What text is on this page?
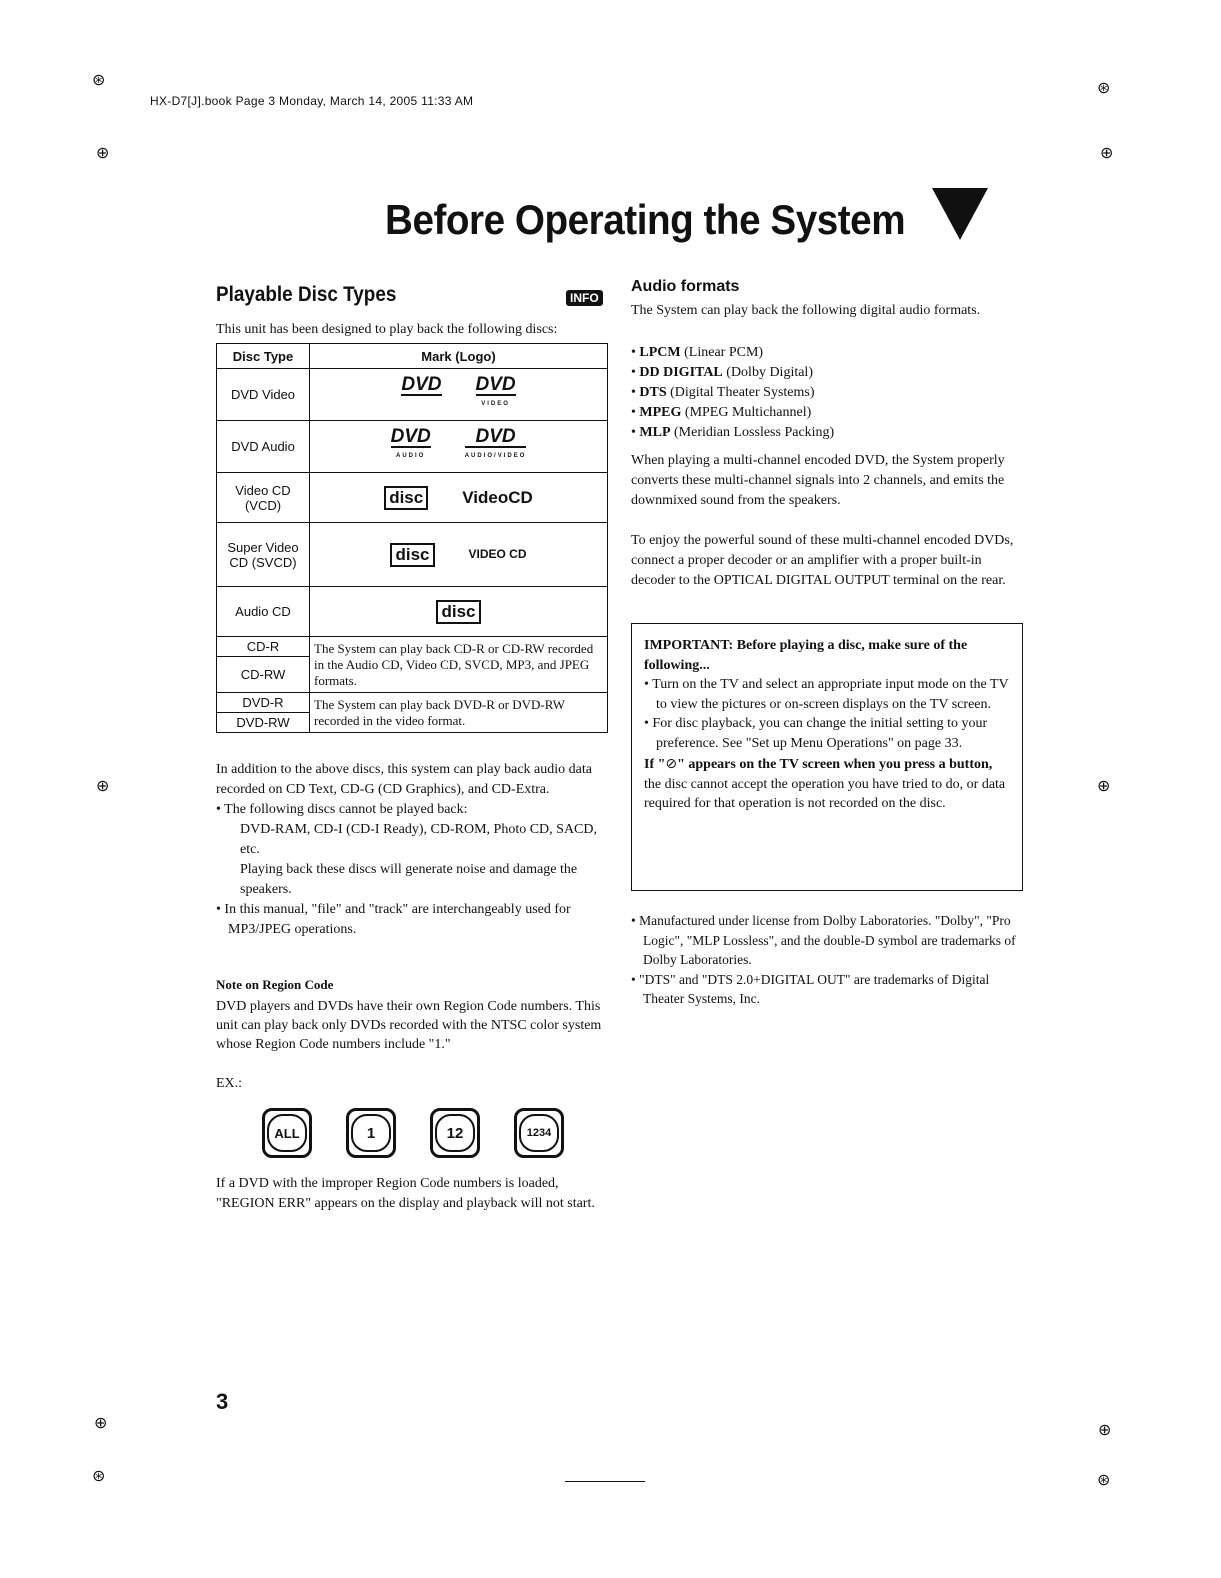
⊛
⊕
⊛
⊕
⊕	⊕
⊕
⊛
⊕
⊛
HX-D7[J].book Page 3 Monday, March 14, 2005 11:33 AM
Before Operating the System
Playable Disc Types	INFO
This unit has been designed to play back the following discs:
Disc Type	Mark (Logo)
DVD Video	DVD
DVD
VIDEO

DVD Audio	DVD
AUDIO
DVD
AUDIO/VIDEO

Video CD (VCD)	disc VideoCD

Super Video CD (SVCD)	disc VIDEO CD

Audio CD	disc

CD-R	The System can play back CD-R or CD-RW recorded in the Audio CD, Video CD, SVCD, MP3, and JPEG formats.
CD-RW	
DVD-R	The System can play back DVD-R or DVD-RW recorded in the video format.
DVD-RW	
In addition to the above discs, this system can play back audio data recorded on CD Text, CD-G (CD Graphics), and CD-Extra.
• The following discs cannot be played back:

DVD-RAM, CD-I (CD-I Ready), CD-ROM, Photo CD, SACD, etc.
Playing back these discs will generate noise and damage the speakers.
• In this manual, "file" and "track" are interchangeably used for MP3/JPEG operations.
Note on Region Code
DVD players and DVDs have their own Region Code numbers. This unit can play back only DVDs recorded with the NTSC color system whose Region Code numbers include "1."
EX.:
ALL	1	12	1234
If a DVD with the improper Region Code numbers is loaded, "REGION ERR" appears on the display and playback will not start.
Audio formats
The System can play back the following digital audio formats.
• LPCM (Linear PCM)
• DD DIGITAL (Dolby Digital)
• DTS (Digital Theater Systems)
• MPEG (MPEG Multichannel)
• MLP (Meridian Lossless Packing)
When playing a multi-channel encoded DVD, the System properly converts these multi-channel signals into 2 channels, and emits the downmixed sound from the speakers.
To enjoy the powerful sound of these multi-channel encoded DVDs, connect a proper decoder or an amplifier with a proper built-in decoder to the OPTICAL DIGITAL OUTPUT terminal on the rear.
IMPORTANT: Before playing a disc, make sure of the following...
• Turn on the TV and select an appropriate input mode on the TV to view the pictures or on-screen displays on the TV screen.
• For disc playback, you can change the initial setting to your preference. See "Set up Menu Operations" on page 33.
If "⊘" appears on the TV screen when you press a button, the disc cannot accept the operation you have tried to do, or data required for that operation is not recorded on the disc.
• Manufactured under license from Dolby Laboratories. "Dolby", "Pro Logic", "MLP Lossless", and the double-D symbol are trademarks of Dolby Laboratories.
• "DTS" and "DTS 2.0+DIGITAL OUT" are trademarks of Digital Theater Systems, Inc.
3
